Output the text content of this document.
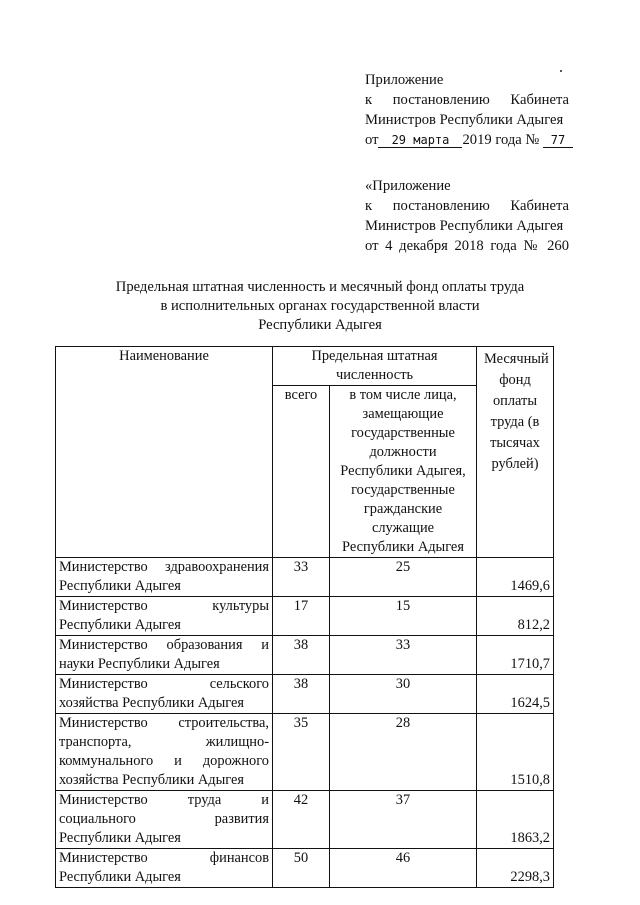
Приложение
к постановлению Кабинета
Министров Республики Адыгея
от 29 марта 2019 года № 77
«Приложение
к постановлению Кабинета
Министров Республики Адыгея
от 4 декабря 2018 года № 260
Предельная штатная численность и месячный фонд оплаты труда
в исполнительных органах государственной власти
Республики Адыгея
Наименование	Предельная штатная численность		Месячный фонд оплаты труда (в тысячах рублей)

	всего	в том числе лица, замещающие государственные должности Республики Адыгея, государственные гражданские служащие Республики Адыгея	

Министерство здравоохранения Республики Адыгея	33	25	1469,6
Министерство культуры Республики Адыгея	17	15	812,2
Министерство образования и науки Республики Адыгея	38	33	1710,7
Министерство сельского хозяйства Республики Адыгея	38	30	1624,5
Министерство строительства, транспорта, жилищно-коммунального и дорожного хозяйства Республики Адыгея	35	28	1510,8
Министерство труда и социального развития Республики Адыгея	42	37	1863,2
Министерство финансов Республики Адыгея	50	46	2298,3
